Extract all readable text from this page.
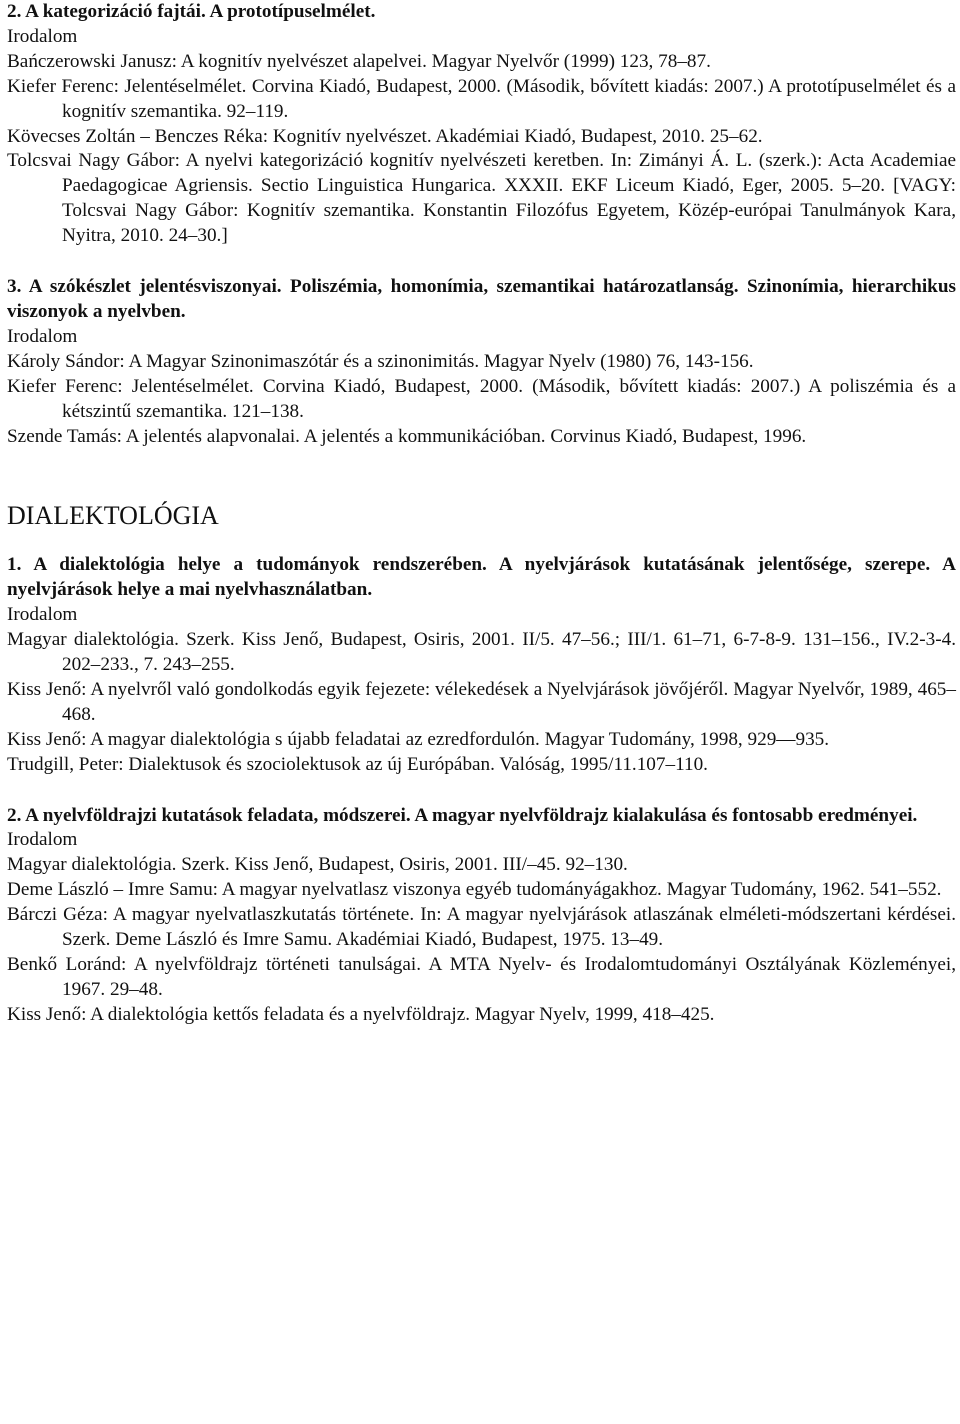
2. A kategorizáció fajtái. A prototípuselmélet.
Irodalom
Bańczerowski Janusz: A kognitív nyelvészet alapelvei. Magyar Nyelvőr (1999) 123, 78–87.
Kiefer Ferenc: Jelentéselmélet. Corvina Kiadó, Budapest, 2000. (Második, bővített kiadás: 2007.) A prototípuselmélet és a kognitív szemantika. 92–119.
Kövecses Zoltán – Benczes Réka: Kognitív nyelvészet. Akadémiai Kiadó, Budapest, 2010. 25–62.
Tolcsvai Nagy Gábor: A nyelvi kategorizáció kognitív nyelvészeti keretben. In: Zimányi Á. L. (szerk.): Acta Academiae Paedagogicae Agriensis. Sectio Linguistica Hungarica. XXXII. EKF Liceum Kiadó, Eger, 2005. 5–20. [VAGY: Tolcsvai Nagy Gábor: Kognitív szemantika. Konstantin Filozófus Egyetem, Közép-európai Tanulmányok Kara, Nyitra, 2010. 24–30.]
3. A szókészlet jelentésviszonyai. Poliszémia, homonímia, szemantikai határozatlanság. Szinonímia, hierarchikus viszonyok a nyelvben.
Irodalom
Károly Sándor: A Magyar Szinonimaszótár és a szinonimitás. Magyar Nyelv (1980) 76, 143-156.
Kiefer Ferenc: Jelentéselmélet. Corvina Kiadó, Budapest, 2000. (Második, bővített kiadás: 2007.) A poliszémia és a kétszintű szemantika. 121–138.
Szende Tamás: A jelentés alapvonalai. A jelentés a kommunikációban. Corvinus Kiadó, Budapest, 1996.
DIALEKTOLÓGIA
1. A dialektológia helye a tudományok rendszerében. A nyelvjárások kutatásának jelentősége, szerepe. A nyelvjárások helye a mai nyelvhasználatban.
Irodalom
Magyar dialektológia. Szerk. Kiss Jenő, Budapest, Osiris, 2001. II/5. 47–56.; III/1. 61–71, 6-7-8-9. 131–156., IV.2-3-4. 202–233., 7. 243–255.
Kiss Jenő: A nyelvről való gondolkodás egyik fejezete: vélekedések a Nyelvjárások jövőjéről. Magyar Nyelvőr, 1989, 465–468.
Kiss Jenő: A magyar dialektológia s újabb feladatai az ezredfordulón. Magyar Tudomány, 1998, 929—935.
Trudgill, Peter: Dialektusok és szociolektusok az új Európában. Valóság, 1995/11.107–110.
2. A nyelvföldrajzi kutatások feladata, módszerei. A magyar nyelvföldrajz kialakulása és fontosabb eredményei.
Irodalom
Magyar dialektológia. Szerk. Kiss Jenő, Budapest, Osiris, 2001. III/–45. 92–130.
Deme László – Imre Samu: A magyar nyelvatlasz viszonya egyéb tudományágakhoz. Magyar Tudomány, 1962. 541–552.
Bárczi Géza: A magyar nyelvatlaszkutatás története. In: A magyar nyelvjárások atlaszának elméleti-módszertani kérdései. Szerk. Deme László és Imre Samu. Akadémiai Kiadó, Budapest, 1975. 13–49.
Benkő Loránd: A nyelvföldrajz történeti tanulságai. A MTA Nyelv- és Irodalomtudományi Osztályának Közleményei, 1967. 29–48.
Kiss Jenő: A dialektológia kettős feladata és a nyelvföldrajz. Magyar Nyelv, 1999, 418–425.
